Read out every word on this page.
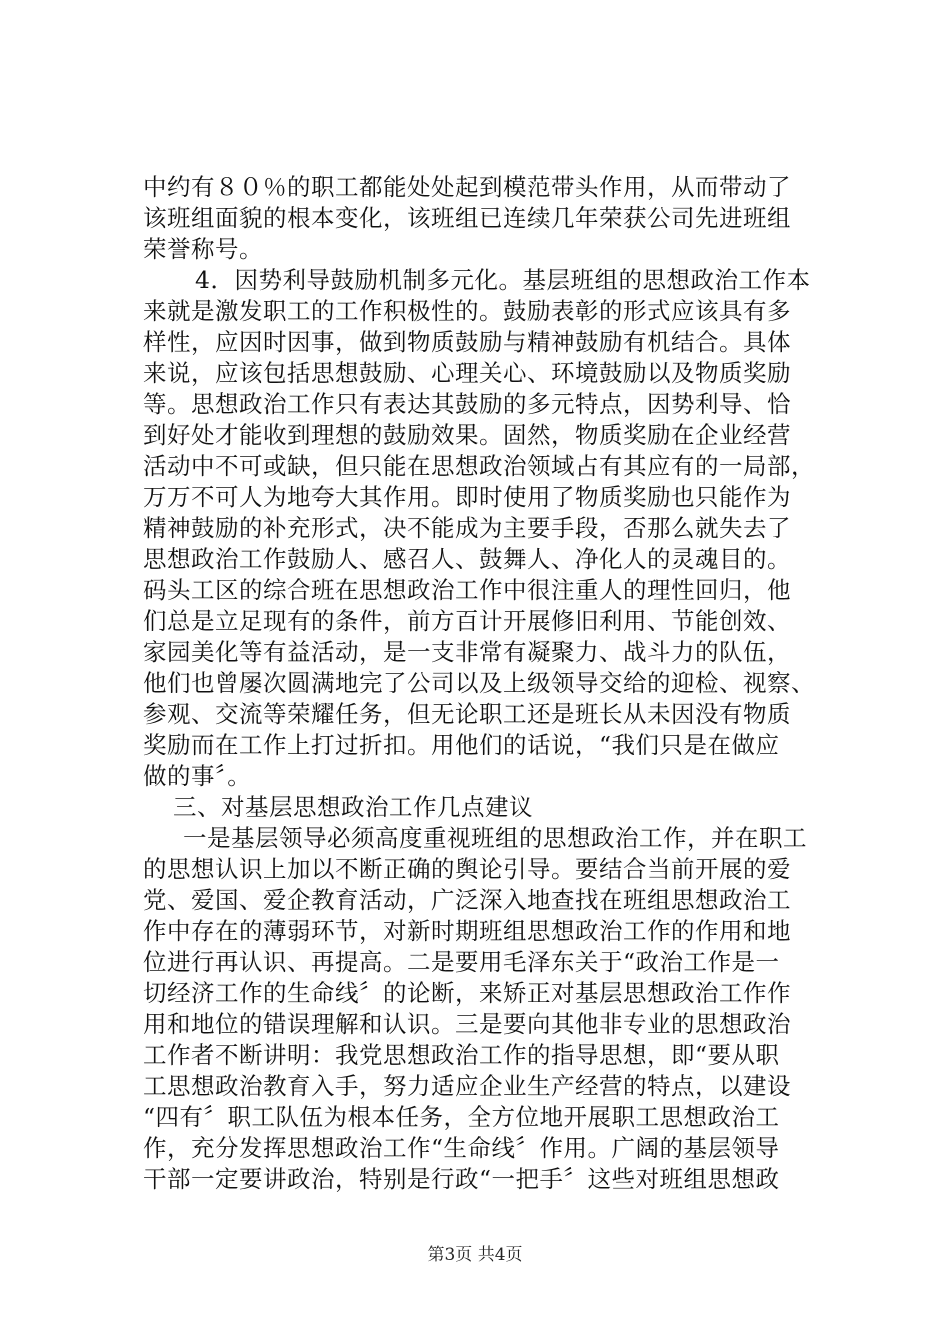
中约有８０％的职工都能处处起到模范带头作用，从而带动了
该班组面貌的根本变化，该班组已连续几年荣获公司先进班组
荣誉称号。
4．因势利导鼓励机制多元化。基层班组的思想政治工作本
来就是激发职工的工作积极性的。鼓励表彰的形式应该具有多
样性，应因时因事，做到物质鼓励与精神鼓励有机结合。具体
来说，应该包括思想鼓励、心理关心、环境鼓励以及物质奖励
等。思想政治工作只有表达其鼓励的多元特点，因势利导、恰
到好处才能收到理想的鼓励效果。固然，物质奖励在企业经营
活动中不可或缺，但只能在思想政治领域占有其应有的一局部，
万万不可人为地夸大其作用。即时使用了物质奖励也只能作为
精神鼓励的补充形式，决不能成为主要手段，否那么就失去了
思想政治工作鼓励人、感召人、鼓舞人、净化人的灵魂目的。
码头工区的综合班在思想政治工作中很注重人的理性回归，他
们总是立足现有的条件，前方百计开展修旧利用、节能创效、
家园美化等有益活动，是一支非常有凝聚力、战斗力的队伍，
他们也曾屡次圆满地完了公司以及上级领导交给的迎检、视察、
参观、交流等荣耀任务，但无论职工还是班长从未因没有物质
奖励而在工作上打过折扣。用他们的话说，“我们只是在做应
做的事〞。
三、对基层思想政治工作几点建议
一是基层领导必须高度重视班组的思想政治工作，并在职工
的思想认识上加以不断正确的舆论引导。要结合当前开展的爱
党、爱国、爱企教育活动，广泛深入地查找在班组思想政治工
作中存在的薄弱环节，对新时期班组思想政治工作的作用和地
位进行再认识、再提高。二是要用毛泽东关于“政治工作是一
切经济工作的生命线〞的论断，来矫正对基层思想政治工作作
用和地位的错误理解和认识。三是要向其他非专业的思想政治
工作者不断讲明：我党思想政治工作的指导思想，即“要从职
工思想政治教育入手，努力适应企业生产经营的特点，以建设
“四有〞职工队伍为根本任务，全方位地开展职工思想政治工
作，充分发挥思想政治工作“生命线〞作用。广阔的基层领导
干部一定要讲政治，特别是行政“一把手〞这些对班组思想政
第3页 共4页
